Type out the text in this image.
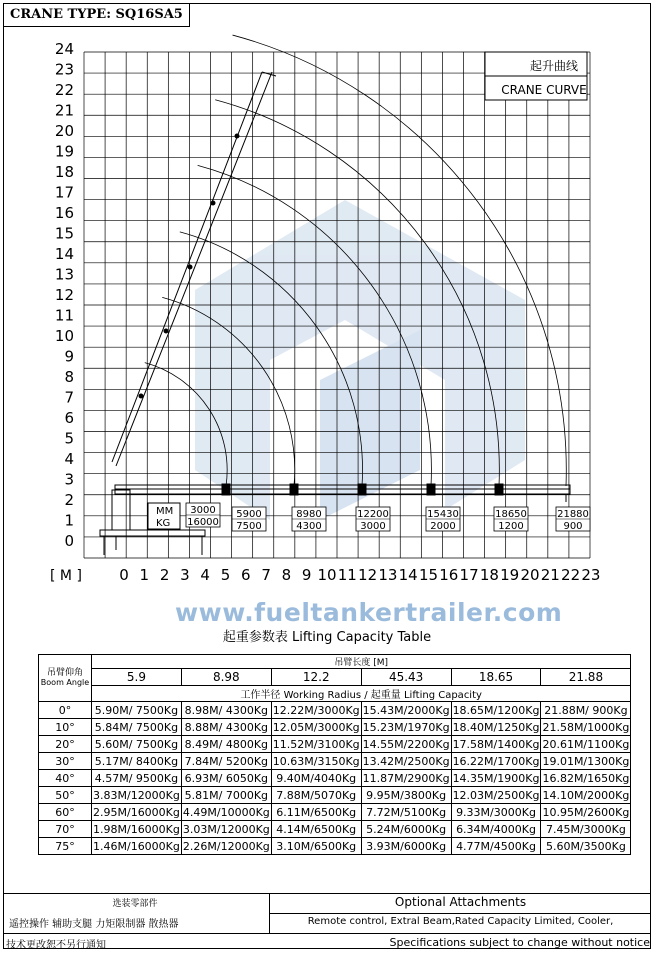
CRANE TYPE: SQ16SA5
0
1
2
3
4
5
6
7
8
9
10
11
12
13
14
15
16
17
18
19
20
21
22
23
24
0 1 2 3 4 5 6 7 8 9 10 11 12 13 14 15 16 17 18 19 20 21 22 23
起升曲线
CRANE CURVE
[ M ]
MM
KG
3000
16000
5900
7500
8980
4300
12200
3000
15430
2000
18650
1200
21880
900
www.fueltankertrailer.com
起重参数表 Lifting Capacity Table
吊臂仰角
Boom Angle	吊臂长度 [M]					
	5.9	8.98	12.2	45.43	18.65	21.88
	工作半径 Working Radius / 起重量 Lifting Capacity					
0°	5.90M/ 7500Kg	8.98M/ 4300Kg	12.22M/3000Kg	15.43M/2000Kg	18.65M/1200Kg	21.88M/ 900Kg
10°	5.84M/ 7500Kg	8.88M/ 4300Kg	12.05M/3000Kg	15.23M/1970Kg	18.40M/1250Kg	21.58M/1000Kg
20°	5.60M/ 7500Kg	8.49M/ 4800Kg	11.52M/3100Kg	14.55M/2200Kg	17.58M/1400Kg	20.61M/1100Kg
30°	5.17M/ 8400Kg	7.84M/ 5200Kg	10.63M/3150Kg	13.42M/2500Kg	16.22M/1700Kg	19.01M/1300Kg
40°	4.57M/ 9500Kg	6.93M/ 6050Kg	9.40M/4040Kg	11.87M/2900Kg	14.35M/1900Kg	16.82M/1650Kg
50°	3.83M/12000Kg	5.81M/ 7000Kg	7.88M/5070Kg	9.95M/3800Kg	12.03M/2500Kg	14.10M/2000Kg
60°	2.95M/16000Kg	4.49M/10000Kg	6.11M/6500Kg	7.72M/5100Kg	9.33M/3000Kg	10.95M/2600Kg
70°	1.98M/16000Kg	3.03M/12000Kg	4.14M/6500Kg	5.24M/6000Kg	6.34M/4000Kg	7.45M/3000Kg
75°	1.46M/16000Kg	2.26M/12000Kg	3.10M/6500Kg	3.93M/6000Kg	4.77M/4500Kg	5.60M/3500Kg
选装零部件
遥控操作 辅助支腿 力矩限制器 散热器
Optional Attachments
Remote control, Extral Beam,Rated Capacity Limited, Cooler,
技术更改恕不另行通知	Specifications subject to change without notice
